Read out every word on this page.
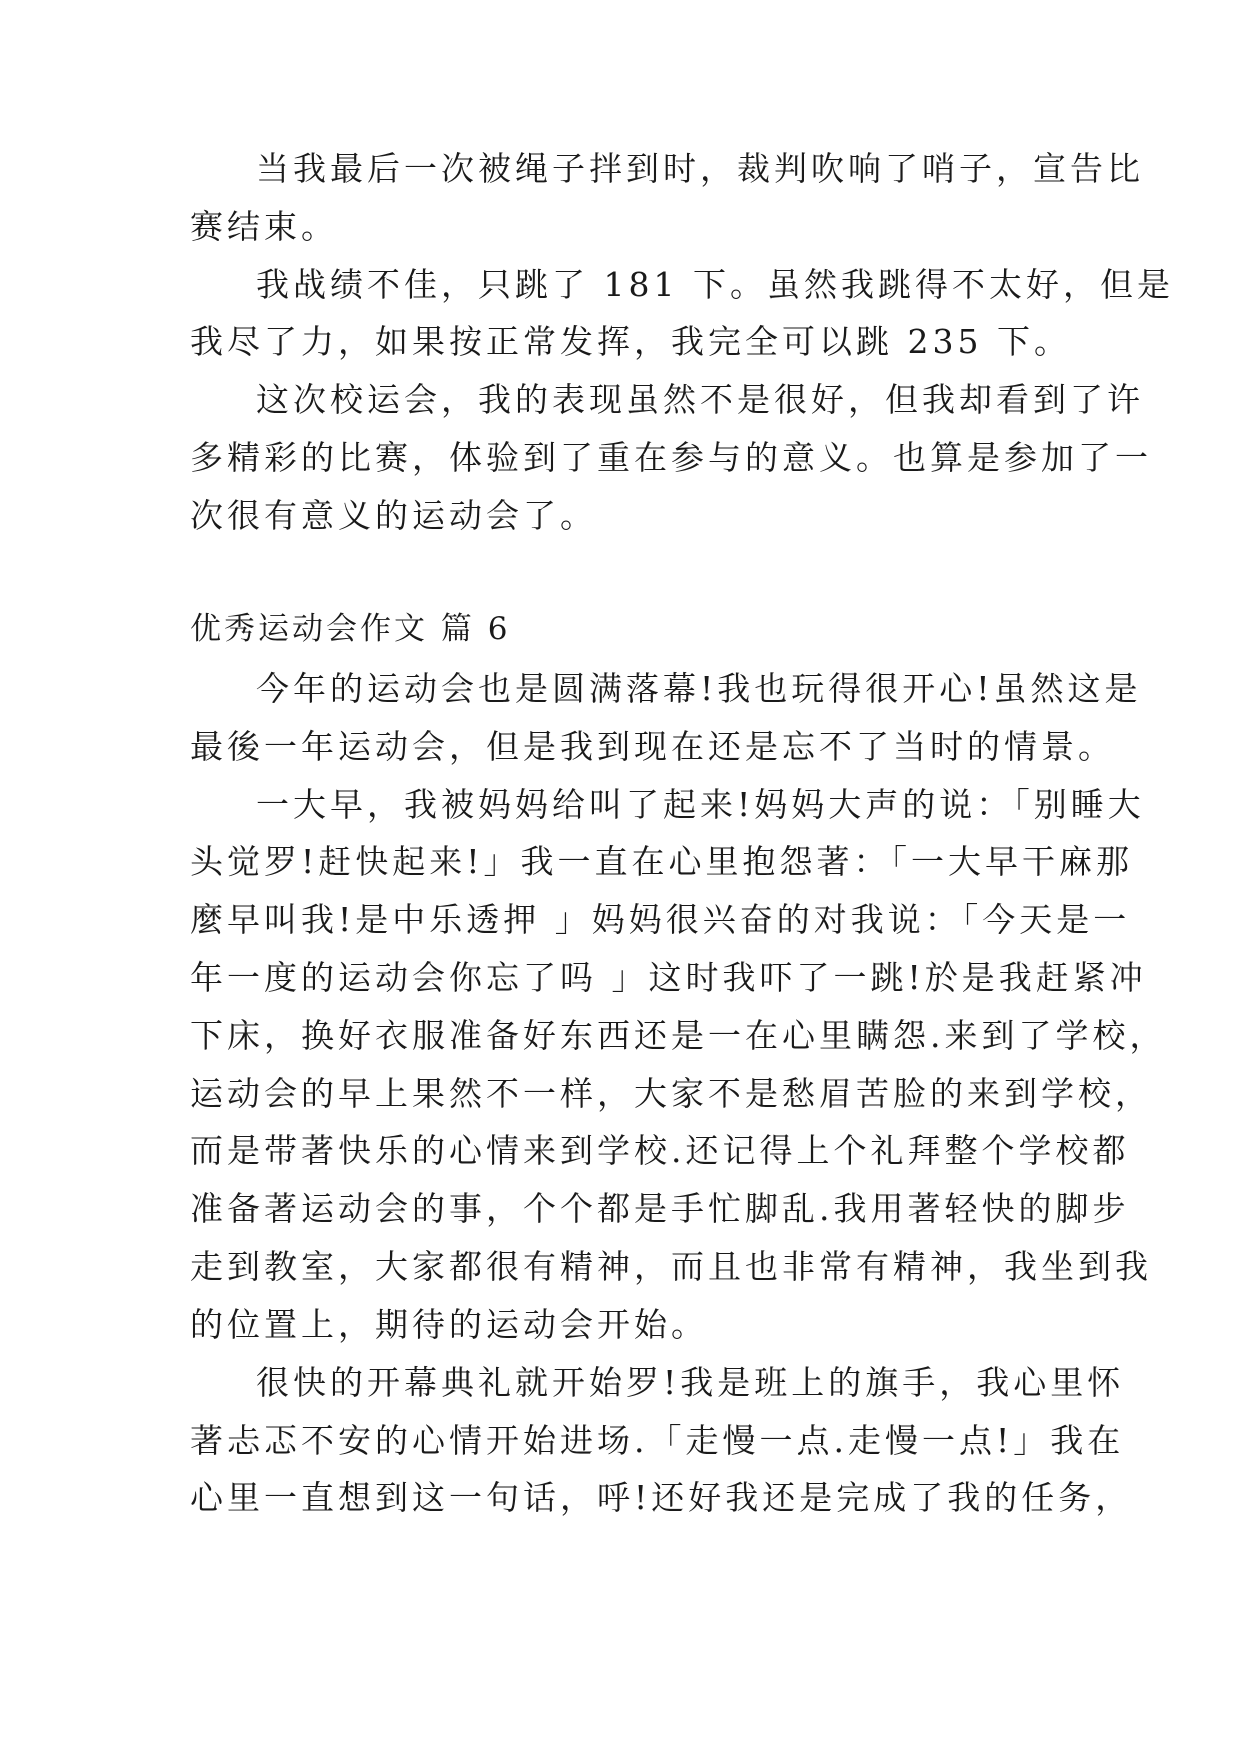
当我最后一次被绳子拌到时，裁判吹响了哨子，宣告比
赛结束。
我战绩不佳，只跳了 181 下。虽然我跳得不太好，但是
我尽了力，如果按正常发挥，我完全可以跳 235 下。
这次校运会，我的表现虽然不是很好，但我却看到了许
多精彩的比赛，体验到了重在参与的意义。也算是参加了一
次很有意义的运动会了。
优秀运动会作文 篇 6
今年的运动会也是圆满落幕!我也玩得很开心!虽然这是
最後一年运动会，但是我到现在还是忘不了当时的情景。
一大早，我被妈妈给叫了起来!妈妈大声的说：「别睡大
头觉罗!赶快起来!」我一直在心里抱怨著：「一大早干麻那
麼早叫我!是中乐透押 」妈妈很兴奋的对我说：「今天是一
年一度的运动会你忘了吗 」这时我吓了一跳!於是我赶紧冲
下床，换好衣服准备好东西还是一在心里瞒怨.来到了学校，
运动会的早上果然不一样，大家不是愁眉苦脸的来到学校，
而是带著快乐的心情来到学校.还记得上个礼拜整个学校都
准备著运动会的事，个个都是手忙脚乱.我用著轻快的脚步
走到教室，大家都很有精神，而且也非常有精神，我坐到我
的位置上，期待的运动会开始。
很快的开幕典礼就开始罗!我是班上的旗手，我心里怀
著忐忑不安的心情开始进场.「走慢一点.走慢一点!」我在
心里一直想到这一句话，呼!还好我还是完成了我的任务，
